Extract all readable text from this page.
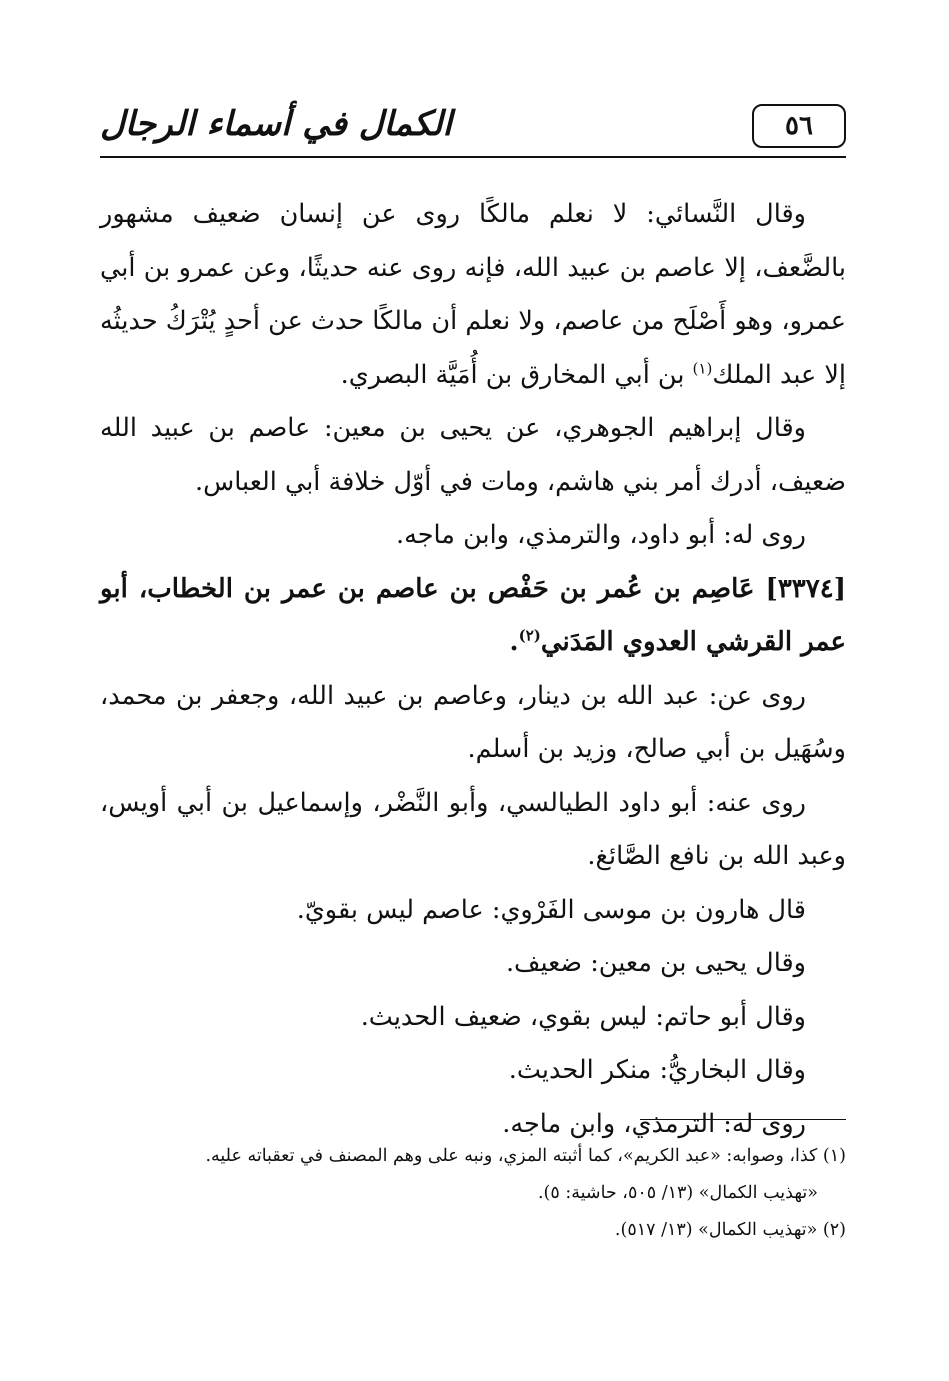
٥٦
الكمال في أسماء الرجال

وقال النَّسائي: لا نعلم مالكًا روى عن إنسان ضعيف مشهور بالضَّعف، إلا عاصم بن عبيد الله، فإنه روى عنه حديثًا، وعن عمرو بن أبي عمرو، وهو أَصْلَح من عاصم، ولا نعلم أن مالكًا حدث عن أحدٍ يُتْرَكُ حديثُه إلا عبد الملك$^{(١)}$ بن أبي المخارق بن أُمَيَّة البصري.

وقال إبراهيم الجوهري، عن يحيى بن معين: عاصم بن عبيد الله ضعيف، أدرك أمر بني هاشم، ومات في أوّل خلافة أبي العباس.

روى له: أبو داود، والترمذي، وابن ماجه.

[٣٣٧٤] عَاصِم بن عُمر بن حَفْص بن عاصم بن عمر بن الخطاب، أبو عمر القرشي العدوي المَدَني$^{(٢)}$.

روى عن: عبد الله بن دينار، وعاصم بن عبيد الله، وجعفر بن محمد، وسُهَيل بن أبي صالح، وزيد بن أسلم.

روى عنه: أبو داود الطيالسي، وأبو النَّضْر، وإسماعيل بن أبي أويس، وعبد الله بن نافع الصَّائغ.

قال هارون بن موسى الفَرْوي: عاصم ليس بقويّ.

وقال يحيى بن معين: ضعيف.

وقال أبو حاتم: ليس بقوي، ضعيف الحديث.

وقال البخاريُّ: منكر الحديث.

روى له: الترمذي، وابن ماجه.

(١) كذا، وصوابه: «عبد الكريم»، كما أثبته المزي، ونبه على وهم المصنف في تعقباته عليه.

«تهذيب الكمال» (١٣/ ٥٠٥، حاشية: ٥).

(٢) «تهذيب الكمال» (١٣/ ٥١٧).
